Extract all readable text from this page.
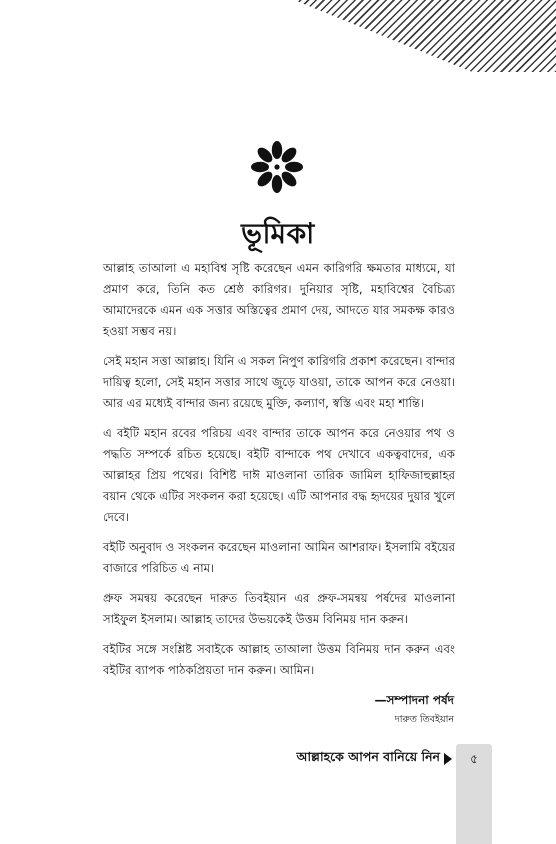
ভূমিকা

আল্লাহ তাআলা এ মহাবিশ্ব সৃষ্টি করেছেন এমন কারিগরি ক্ষমতার মাধ্যমে, যা প্রমাণ করে, তিনি কত শ্রেষ্ঠ কারিগর। দুনিয়ার সৃষ্টি, মহাবিশ্বের বৈচিত্র্য আমাদেরকে এমন এক সত্তার অস্তিত্বের প্রমাণ দেয়, আদতে যার সমকক্ষ কারও হওয়া সম্ভব নয়।

সেই মহান সত্তা আল্লাহ। যিনি এ সকল নিপুণ কারিগরি প্রকাশ করেছেন। বান্দার দায়িত্ব হলো, সেই মহান সত্তার সাথে জুড়ে যাওয়া, তাকে আপন করে নেওয়া। আর এর মধ্যেই বান্দার জন্য রয়েছে মুক্তি, কল্যাণ, স্বস্তি এবং মহা শান্তি।

এ বইটি মহান রবের পরিচয় এবং বান্দার তাকে আপন করে নেওয়ার পথ ও পদ্ধতি সম্পর্কে রচিত হয়েছে। বইটি বান্দাকে পথ দেখাবে একত্ববাদের, এক আল্লাহর প্রিয় পথের। বিশিষ্ট দাঈ মাওলানা তারিক জামিল হাফিজাহুল্লাহর বয়ান থেকে এটির সংকলন করা হয়েছে। এটি আপনার বদ্ধ হৃদয়ের দুয়ার খুলে দেবে।

বইটি অনুবাদ ও সংকলন করেছেন মাওলানা আমিন আশরাফ। ইসলামি বইয়ের বাজারে পরিচিত এ নাম।

প্রুফ সমন্বয় করেছেন দারুত তিবইয়ান এর প্রুফ-সমন্বয় পর্ষদের মাওলানা সাইফুল ইসলাম। আল্লাহ তাদের উভয়কেই উত্তম বিনিময় দান করুন।

বইটির সঙ্গে সংশ্লিষ্ট সবাইকে আল্লাহ তাআলা উত্তম বিনিময় দান করুন এবং বইটির ব্যাপক পাঠকপ্রিয়তা দান করুন। আমিন।

—সম্পাদনা পর্ষদ
দারুত তিবইয়ান
আল্লাহকে আপন বানিয়ে নিন	৫
